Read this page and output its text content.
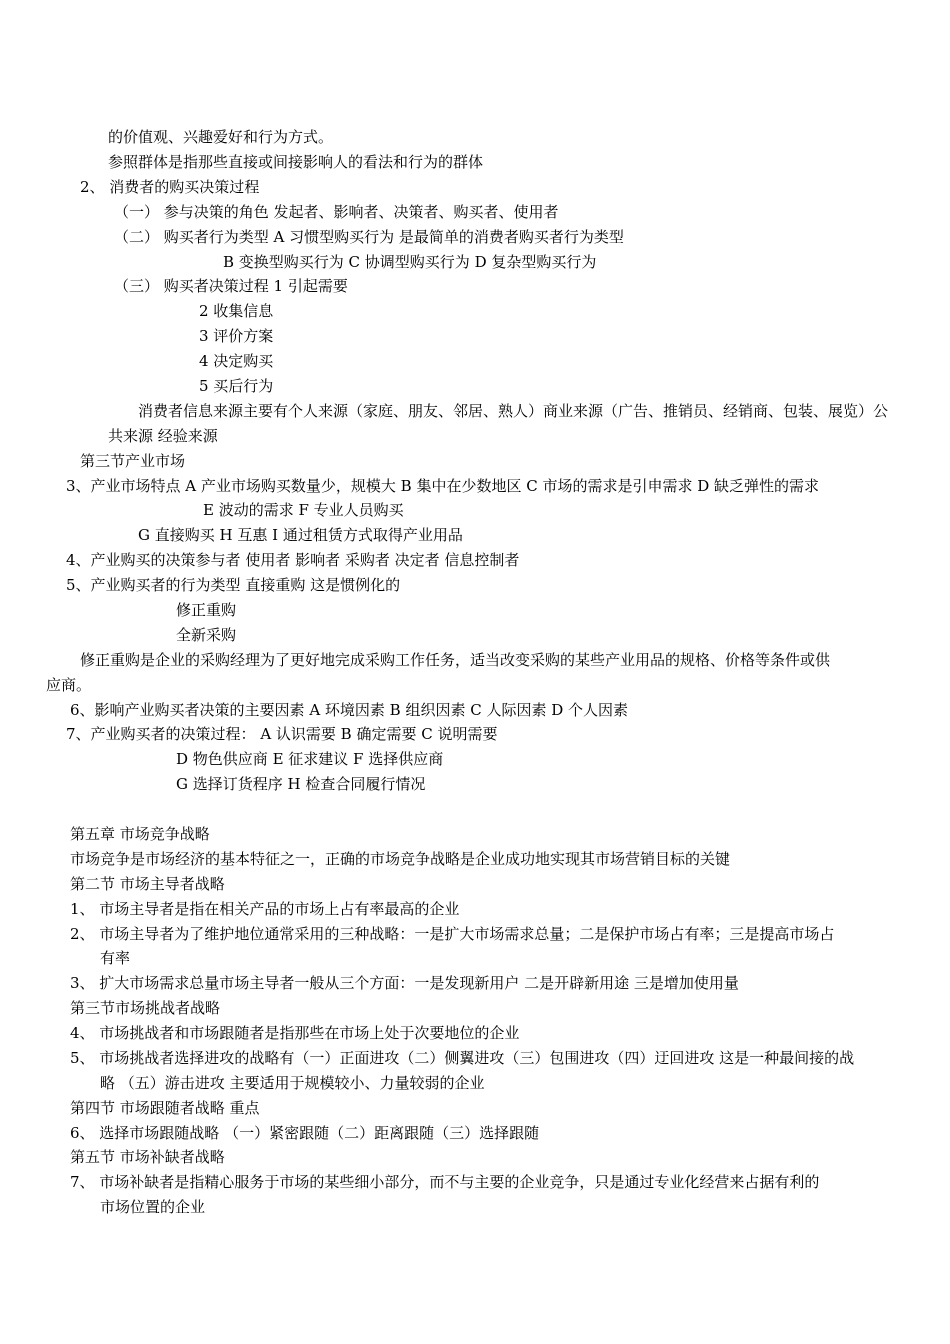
的价值观、兴趣爱好和行为方式。
参照群体是指那些直接或间接影响人的看法和行为的群体
2、 消费者的购买决策过程
（一） 参与决策的角色 发起者、影响者、决策者、购买者、使用者
（二） 购买者行为类型 A 习惯型购买行为 是最简单的消费者购买者行为类型
B 变换型购买行为 C 协调型购买行为 D 复杂型购买行为
（三） 购买者决策过程 1 引起需要
2 收集信息
3 评价方案
4 决定购买
5 买后行为
消费者信息来源主要有个人来源（家庭、朋友、邻居、熟人）商业来源（广告、推销员、经销商、包装、展览）公
共来源 经验来源
第三节产业市场
3、产业市场特点 A 产业市场购买数量少，规模大 B 集中在少数地区 C 市场的需求是引申需求 D 缺乏弹性的需求
E 波动的需求 F 专业人员购买
G 直接购买 H 互惠 I 通过租赁方式取得产业用品
4、产业购买的决策参与者 使用者 影响者 采购者 决定者 信息控制者
5、产业购买者的行为类型 直接重购 这是惯例化的
修正重购
全新采购
修正重购是企业的采购经理为了更好地完成采购工作任务，适当改变采购的某些产业用品的规格、价格等条件或供
应商。
6、影响产业购买者决策的主要因素 A 环境因素 B 组织因素 C 人际因素 D 个人因素
7、产业购买者的决策过程： A 认识需要 B 确定需要 C 说明需要
D 物色供应商 E 征求建议 F 选择供应商
G 选择订货程序 H 检查合同履行情况
第五章 市场竞争战略
市场竞争是市场经济的基本特征之一，正确的市场竞争战略是企业成功地实现其市场营销目标的关键
第二节 市场主导者战略
1、 市场主导者是指在相关产品的市场上占有率最高的企业
2、 市场主导者为了维护地位通常采用的三种战略：一是扩大市场需求总量；二是保护市场占有率；三是提高市场占
有率
3、 扩大市场需求总量市场主导者一般从三个方面：一是发现新用户 二是开辟新用途 三是增加使用量
第三节市场挑战者战略
4、 市场挑战者和市场跟随者是指那些在市场上处于次要地位的企业
5、 市场挑战者选择进攻的战略有（一）正面进攻（二）侧翼进攻（三）包围进攻（四）迂回进攻 这是一种最间接的战
略 （五）游击进攻 主要适用于规模较小、力量较弱的企业
第四节 市场跟随者战略 重点
6、 选择市场跟随战略 （一）紧密跟随（二）距离跟随（三）选择跟随
第五节 市场补缺者战略
7、 市场补缺者是指精心服务于市场的某些细小部分，而不与主要的企业竞争，只是通过专业化经营来占据有利的
市场位置的企业
